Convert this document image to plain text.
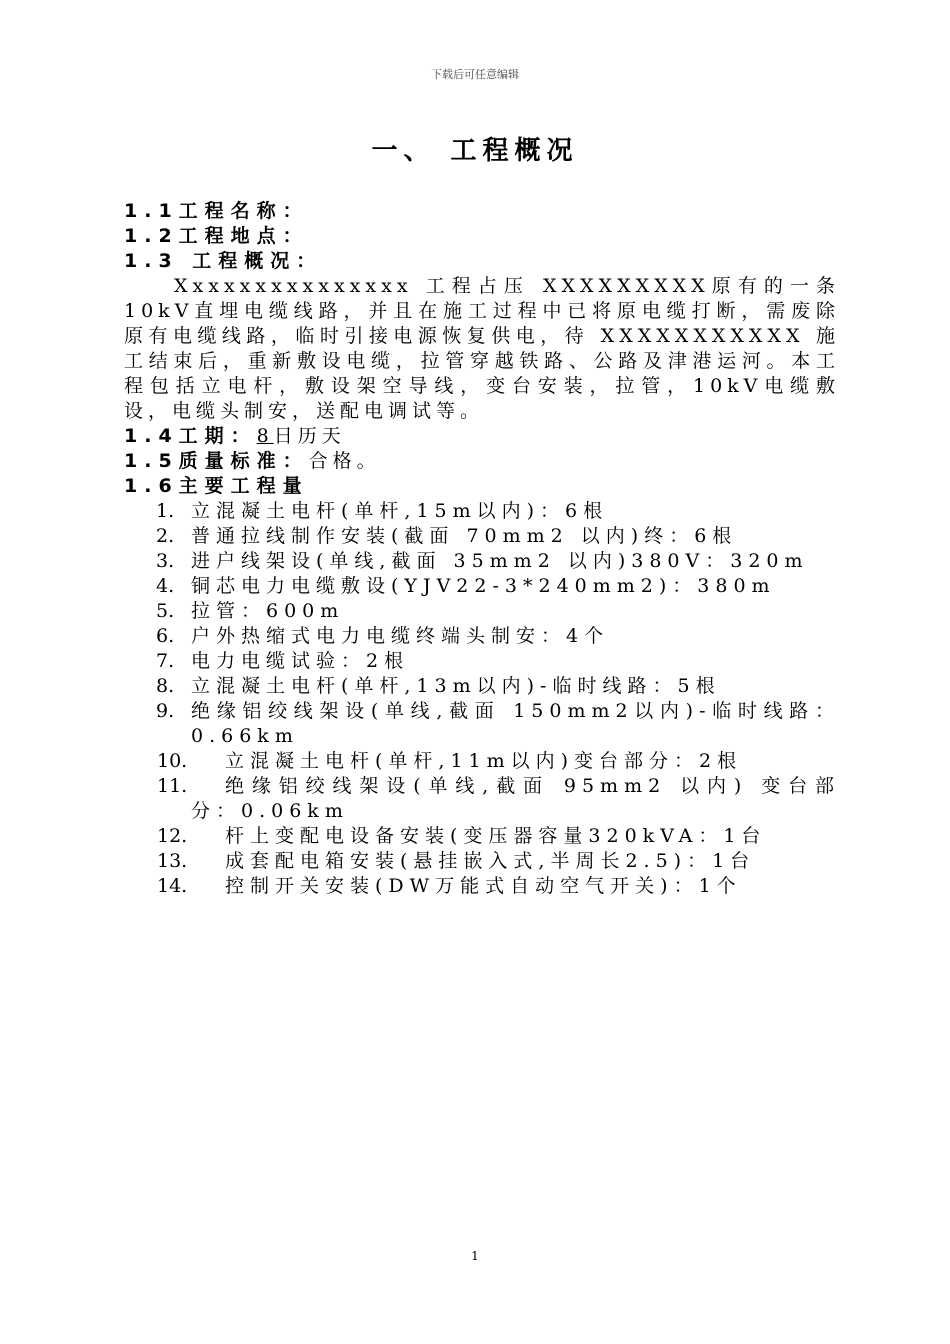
下载后可任意编辑
一、 工程概况
1.1工程名称：
1.2工程地点：
1.3 工程概况：
Xxxxxxxxxxxxxxx 工程占压 XXXXXXXXX原有的一条 10kV直埋电缆线路，并且在施工过程中已将原电缆打断，需废除原有电缆线路，临时引接电源恢复供电，待 XXXXXXXXXXX 施工结束后，重新敷设电缆，拉管穿越铁路、公路及津港运河。本工程包括立电杆，敷设架空导线，变台安装，拉管，10kV电缆敷设，电缆头制安，送配电调试等。
1.4工期：8日历天
1.5质量标准：合格。
1.6主要工程量
1. 立混凝土电杆(单杆,15m以内)：6根
2. 普通拉线制作安装(截面 70mm2 以内)终：6根
3. 进户线架设(单线,截面 35mm2 以内)380V：320m
4. 铜芯电力电缆敷设(YJV22-3*240mm2)：380m
5. 拉管：600m
6. 户外热缩式电力电缆终端头制安：4个
7. 电力电缆试验：2根
8. 立混凝土电杆(单杆,13m以内)-临时线路：5根
9. 绝缘铝绞线架设(单线,截面 150mm2以内)-临时线路：0.66km
10.	立混凝土电杆(单杆,11m以内)变台部分：2根
11.	绝缘铝绞线架设(单线,截面 95mm2 以内) 变台部分：0.06km
12.	杆上变配电设备安装(变压器容量320kVA：1台
13.	成套配电箱安装(悬挂嵌入式,半周长2.5)：1台
14.	控制开关安装(DW万能式自动空气开关)：1个
1
